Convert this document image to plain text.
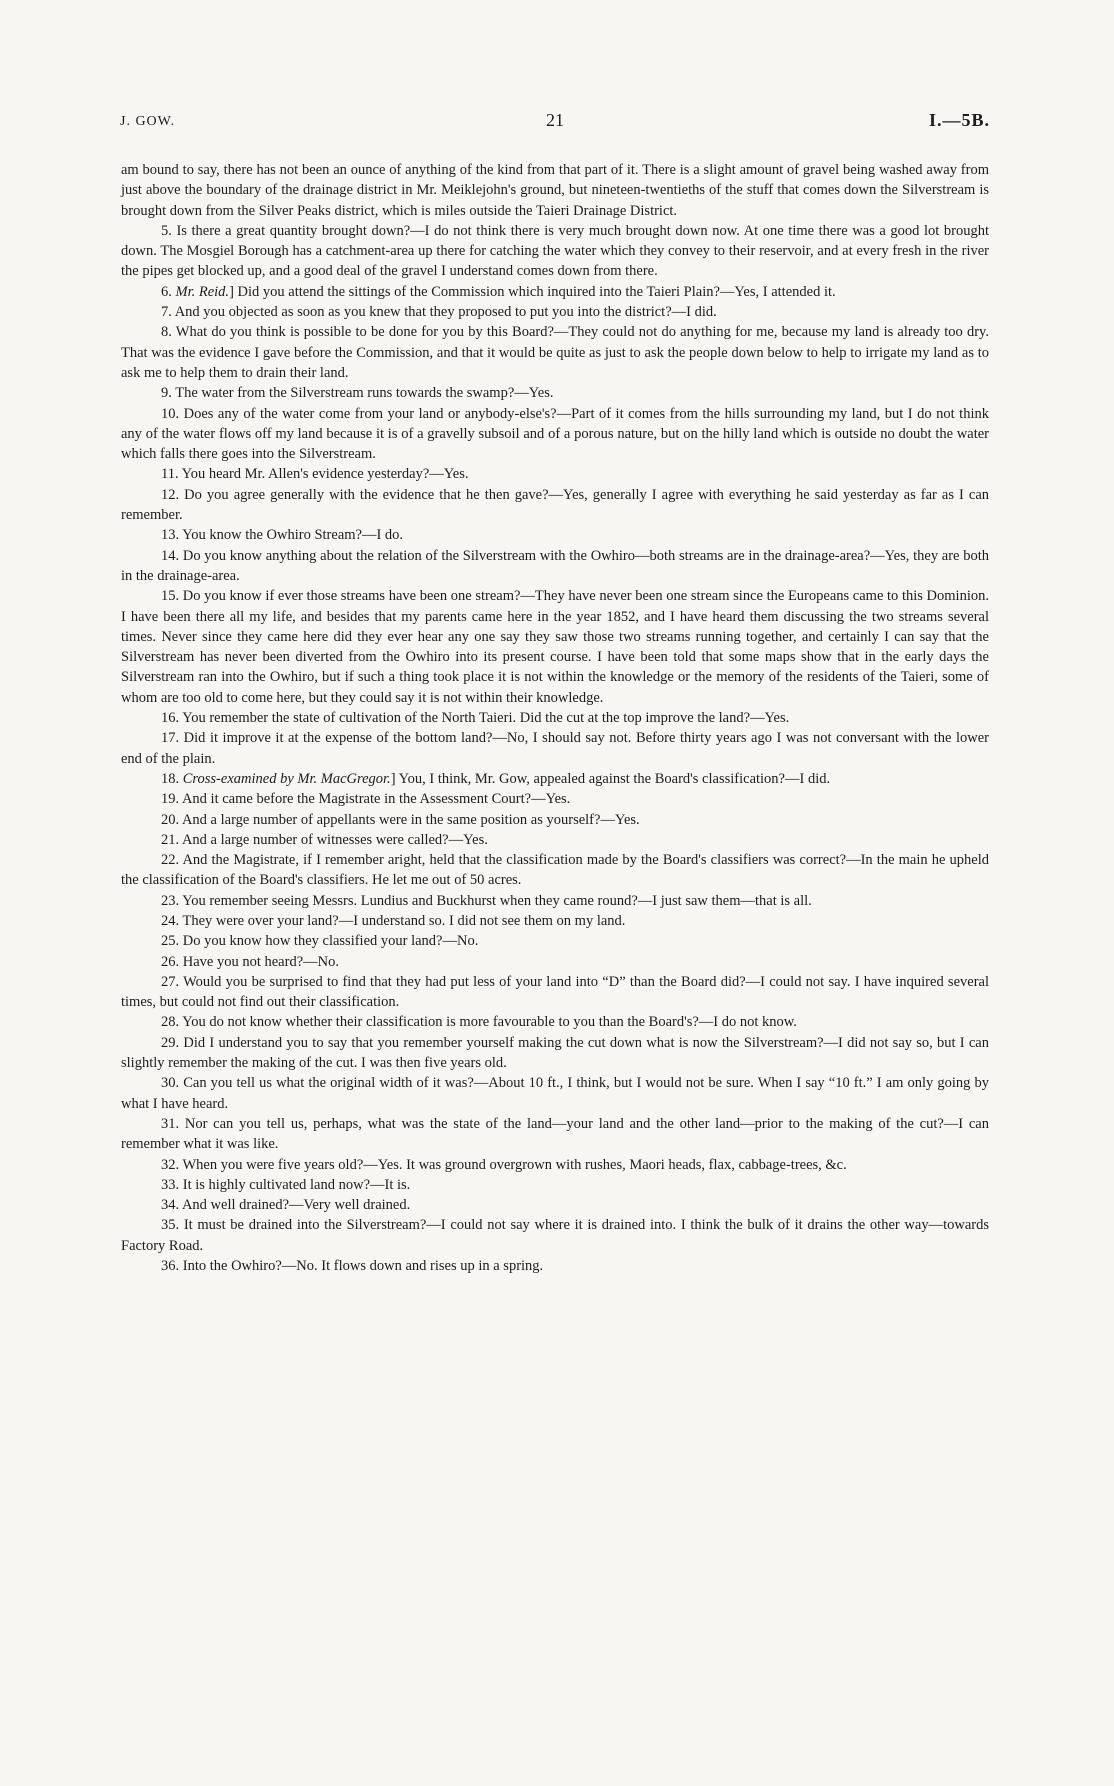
J. GOW.	21	I.—5B.

am bound to say, there has not been an ounce of anything of the kind from that part of it. There is a slight amount of gravel being washed away from just above the boundary of the drainage district in Mr. Meiklejohn's ground, but nineteen-twentieths of the stuff that comes down the Silverstream is brought down from the Silver Peaks district, which is miles outside the Taieri Drainage District.

5. Is there a great quantity brought down?—I do not think there is very much brought down now. At one time there was a good lot brought down. The Mosgiel Borough has a catchment-area up there for catching the water which they convey to their reservoir, and at every fresh in the river the pipes get blocked up, and a good deal of the gravel I understand comes down from there.

6. Mr. Reid.] Did you attend the sittings of the Commission which inquired into the Taieri Plain?—Yes, I attended it.

7. And you objected as soon as you knew that they proposed to put you into the district?—I did.

8. What do you think is possible to be done for you by this Board?—They could not do anything for me, because my land is already too dry. That was the evidence I gave before the Commission, and that it would be quite as just to ask the people down below to help to irrigate my land as to ask me to help them to drain their land.

9. The water from the Silverstream runs towards the swamp?—Yes.

10. Does any of the water come from your land or anybody-else's?—Part of it comes from the hills surrounding my land, but I do not think any of the water flows off my land because it is of a gravelly subsoil and of a porous nature, but on the hilly land which is outside no doubt the water which falls there goes into the Silverstream.

11. You heard Mr. Allen's evidence yesterday?—Yes.

12. Do you agree generally with the evidence that he then gave?—Yes, generally I agree with everything he said yesterday as far as I can remember.

13. You know the Owhiro Stream?—I do.

14. Do you know anything about the relation of the Silverstream with the Owhiro—both streams are in the drainage-area?—Yes, they are both in the drainage-area.

15. Do you know if ever those streams have been one stream?—They have never been one stream since the Europeans came to this Dominion. I have been there all my life, and besides that my parents came here in the year 1852, and I have heard them discussing the two streams several times. Never since they came here did they ever hear any one say they saw those two streams running together, and certainly I can say that the Silverstream has never been diverted from the Owhiro into its present course. I have been told that some maps show that in the early days the Silverstream ran into the Owhiro, but if such a thing took place it is not within the knowledge or the memory of the residents of the Taieri, some of whom are too old to come here, but they could say it is not within their knowledge.

16. You remember the state of cultivation of the North Taieri. Did the cut at the top improve the land?—Yes.

17. Did it improve it at the expense of the bottom land?—No, I should say not. Before thirty years ago I was not conversant with the lower end of the plain.

18. Cross-examined by Mr. MacGregor.] You, I think, Mr. Gow, appealed against the Board's classification?—I did.

19. And it came before the Magistrate in the Assessment Court?—Yes.

20. And a large number of appellants were in the same position as yourself?—Yes.

21. And a large number of witnesses were called?—Yes.

22. And the Magistrate, if I remember aright, held that the classification made by the Board's classifiers was correct?—In the main he upheld the classification of the Board's classifiers. He let me out of 50 acres.

23. You remember seeing Messrs. Lundius and Buckhurst when they came round?—I just saw them—that is all.

24. They were over your land?—I understand so. I did not see them on my land.

25. Do you know how they classified your land?—No.

26. Have you not heard?—No.

27. Would you be surprised to find that they had put less of your land into “D” than the Board did?—I could not say. I have inquired several times, but could not find out their classification.

28. You do not know whether their classification is more favourable to you than the Board's?—I do not know.

29. Did I understand you to say that you remember yourself making the cut down what is now the Silverstream?—I did not say so, but I can slightly remember the making of the cut. I was then five years old.

30. Can you tell us what the original width of it was?—About 10 ft., I think, but I would not be sure. When I say “10 ft.” I am only going by what I have heard.

31. Nor can you tell us, perhaps, what was the state of the land—your land and the other land—prior to the making of the cut?—I can remember what it was like.

32. When you were five years old?—Yes. It was ground overgrown with rushes, Maori heads, flax, cabbage-trees, &c.

33. It is highly cultivated land now?—It is.

34. And well drained?—Very well drained.

35. It must be drained into the Silverstream?—I could not say where it is drained into. I think the bulk of it drains the other way—towards Factory Road.

36. Into the Owhiro?—No. It flows down and rises up in a spring.
